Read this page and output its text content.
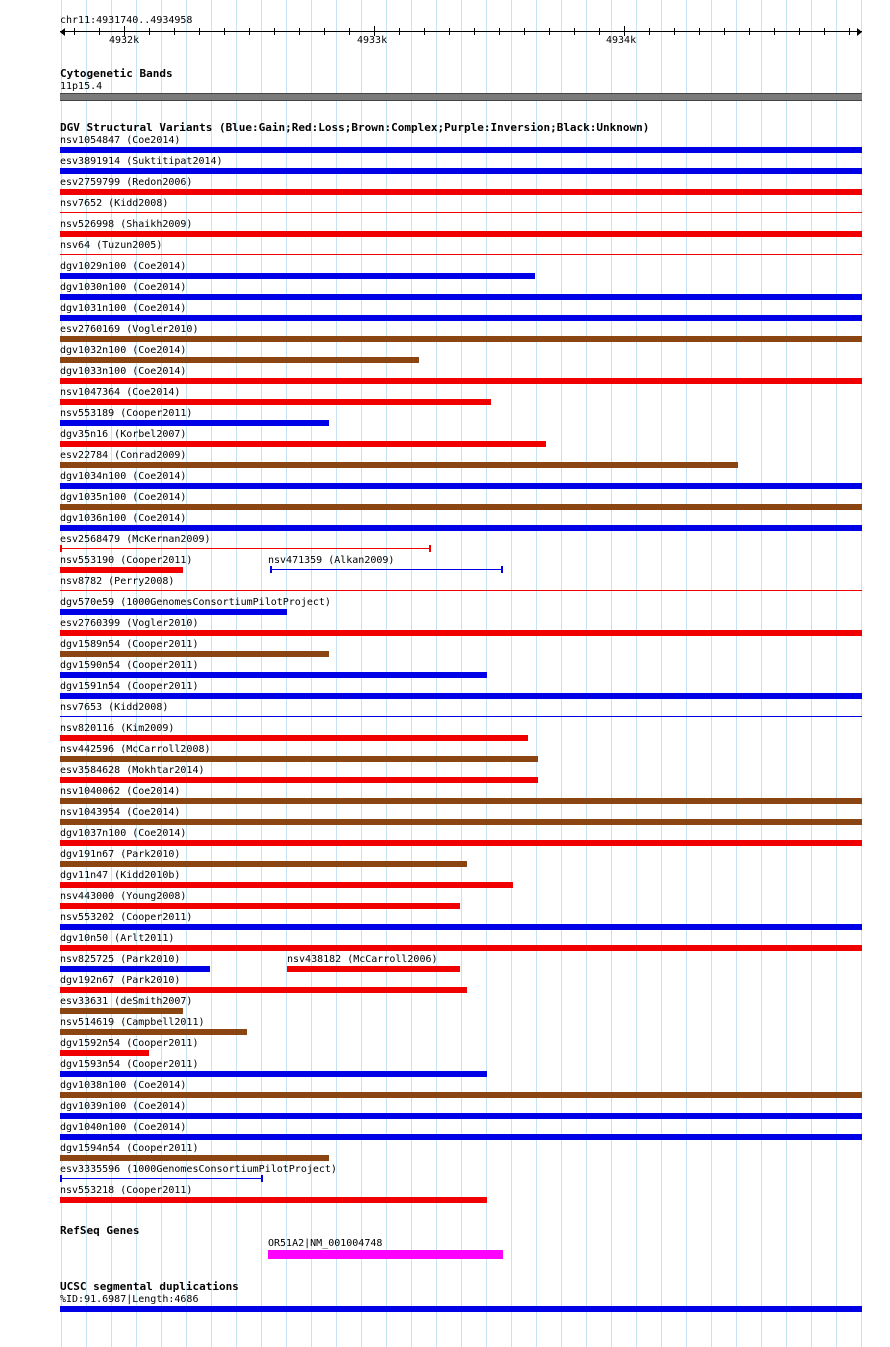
chr11:4931740..4934958
4932k	4933k	4934k
Cytogenetic Bands
11p15.4
DGV Structural Variants (Blue:Gain;Red:Loss;Brown:Complex;Purple:Inversion;Black:Unknown)
nsv1054847 (Coe2014)
esv3891914 (Suktitipat2014)
esv2759799 (Redon2006)
nsv7652 (Kidd2008)
nsv526998 (Shaikh2009)
nsv64 (Tuzun2005)
dgv1029n100 (Coe2014)
dgv1030n100 (Coe2014)
dgv1031n100 (Coe2014)
esv2760169 (Vogler2010)
dgv1032n100 (Coe2014)
dgv1033n100 (Coe2014)
nsv1047364 (Coe2014)
nsv553189 (Cooper2011)
dgv35n16 (Korbel2007)
esv22784 (Conrad2009)
dgv1034n100 (Coe2014)
dgv1035n100 (Coe2014)
dgv1036n100 (Coe2014)
esv2568479 (McKernan2009)
nsv553190 (Cooper2011)	nsv471359 (Alkan2009)
nsv8782 (Perry2008)
dgv570e59 (1000GenomesConsortiumPilotProject)
esv2760399 (Vogler2010)
dgv1589n54 (Cooper2011)
dgv1590n54 (Cooper2011)
dgv1591n54 (Cooper2011)
nsv7653 (Kidd2008)
nsv820116 (Kim2009)
nsv442596 (McCarroll2008)
esv3584628 (Mokhtar2014)
nsv1040062 (Coe2014)
nsv1043954 (Coe2014)
dgv1037n100 (Coe2014)
dgv191n67 (Park2010)
dgv11n47 (Kidd2010b)
nsv443000 (Young2008)
nsv553202 (Cooper2011)
dgv10n50 (Arlt2011)
nsv825725 (Park2010)	nsv438182 (McCarroll2006)
dgv192n67 (Park2010)
esv33631 (deSmith2007)
nsv514619 (Campbell2011)
dgv1592n54 (Cooper2011)
dgv1593n54 (Cooper2011)
dgv1038n100 (Coe2014)
dgv1039n100 (Coe2014)
dgv1040n100 (Coe2014)
dgv1594n54 (Cooper2011)
esv3335596 (1000GenomesConsortiumPilotProject)
nsv553218 (Cooper2011)
RefSeq Genes
OR51A2|NM_001004748
UCSC segmental duplications
%ID:91.6987|Length:4686
